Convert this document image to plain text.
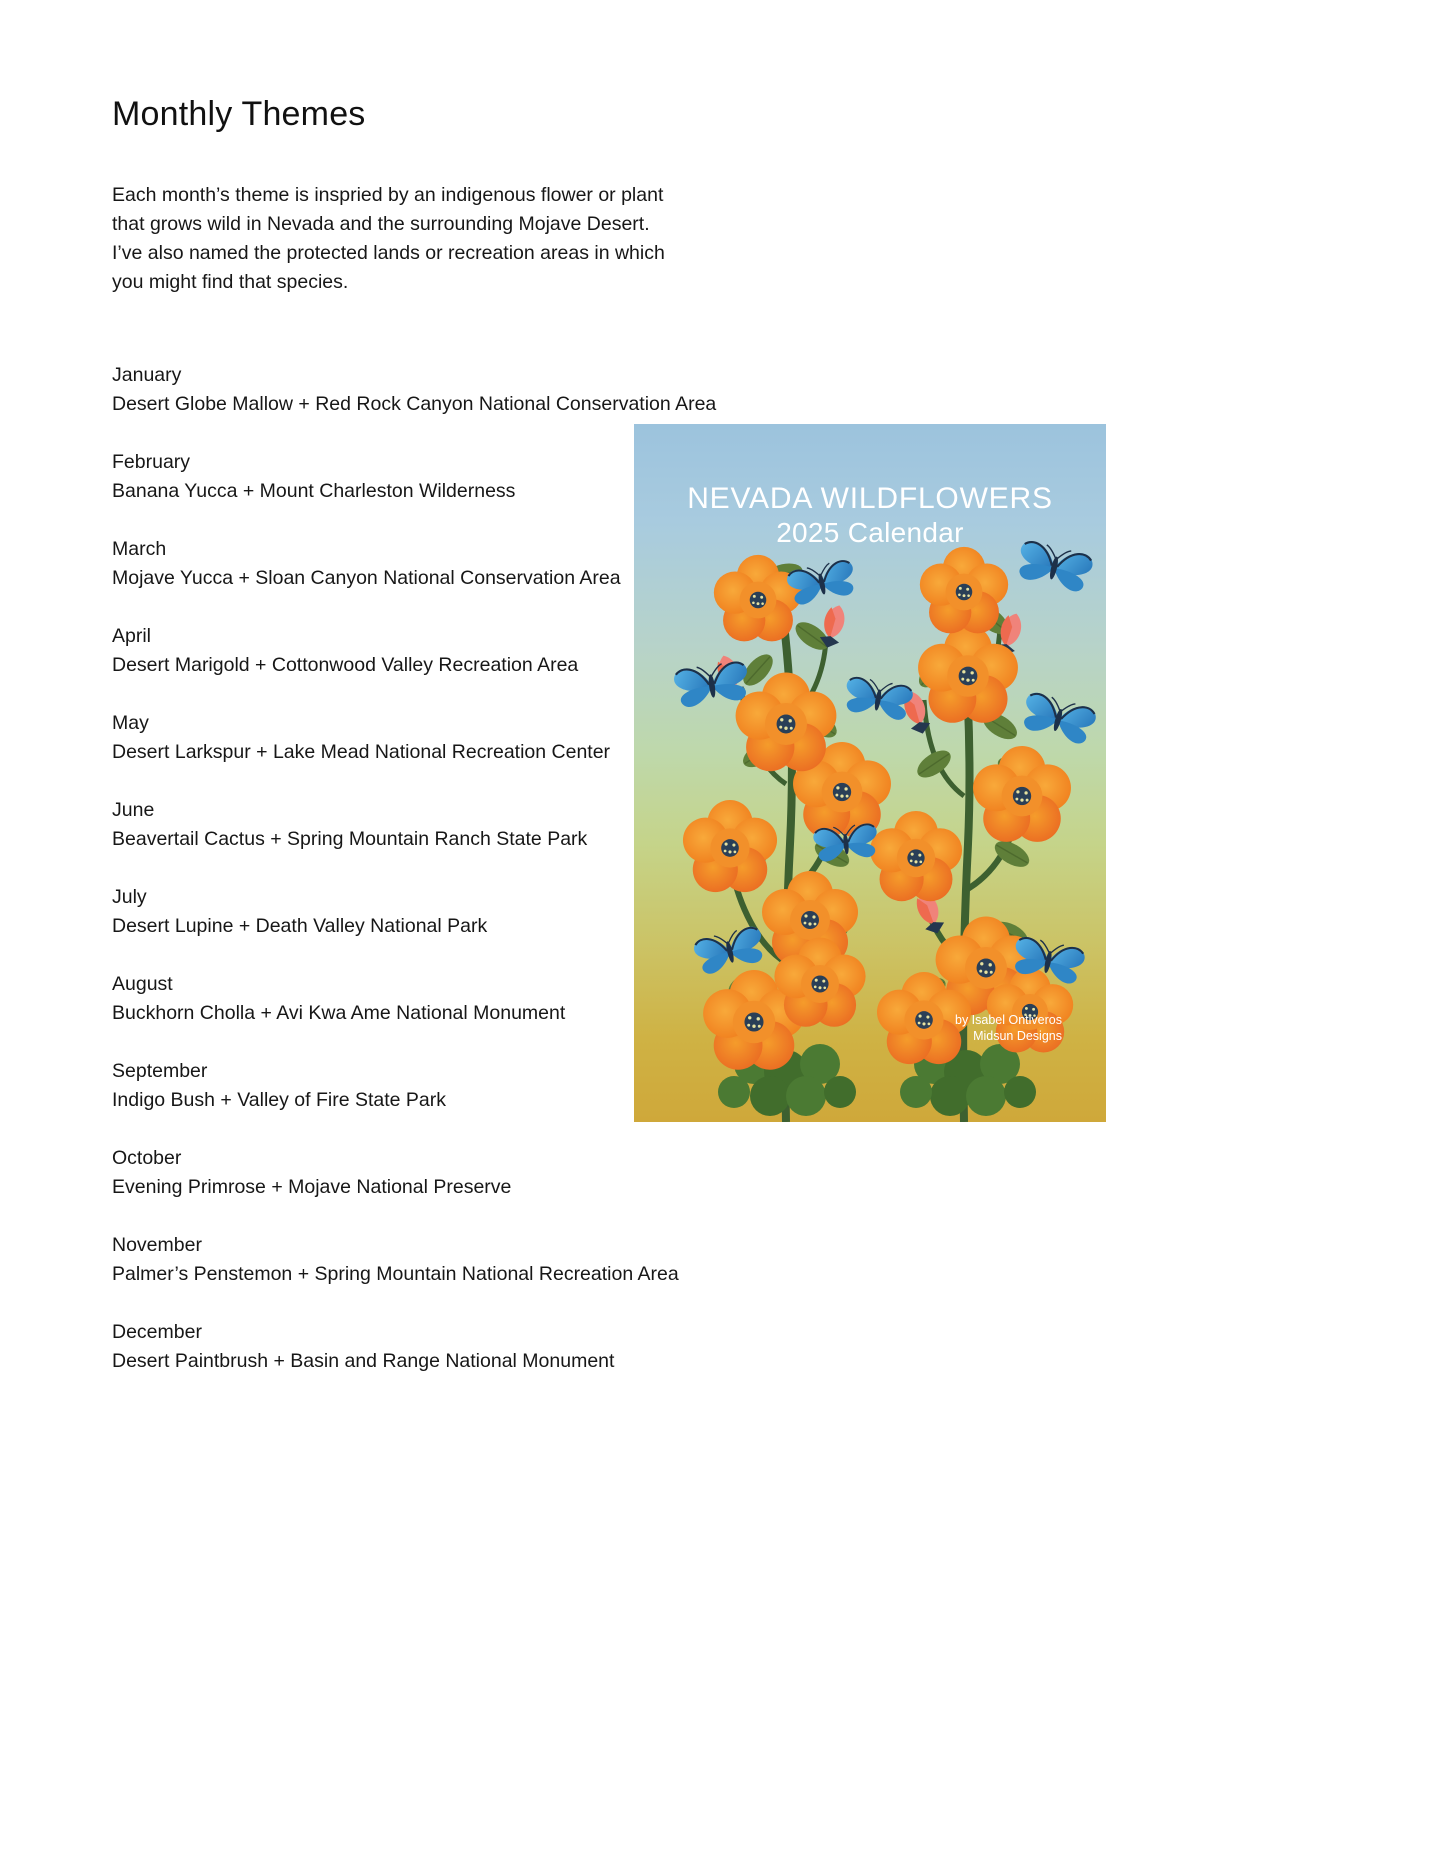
Monthly Themes
Each month’s theme is inspried by an indigenous flower or plant
that grows wild in Nevada and the surrounding Mojave Desert.
I’ve also named the protected lands or recreation areas in which
you might find that species.
January
Desert Globe Mallow + Red Rock Canyon National Conservation Area
February
Banana Yucca + Mount Charleston Wilderness
March
Mojave Yucca + Sloan Canyon National Conservation Area
April
Desert Marigold + Cottonwood Valley Recreation Area
May
Desert Larkspur + Lake Mead National Recreation Center
June
Beavertail Cactus + Spring Mountain Ranch State Park
July
Desert Lupine + Death Valley National Park
August
Buckhorn Cholla + Avi Kwa Ame National Monument
September
Indigo Bush + Valley of Fire State Park
October
Evening Primrose + Mojave National Preserve
November
Palmer’s Penstemon + Spring Mountain National Recreation Area
December
Desert Paintbrush + Basin and Range National Monument
NEVADA WILDFLOWERS
2025 Calendar
by Isabel Ontiveros
Midsun Designs
